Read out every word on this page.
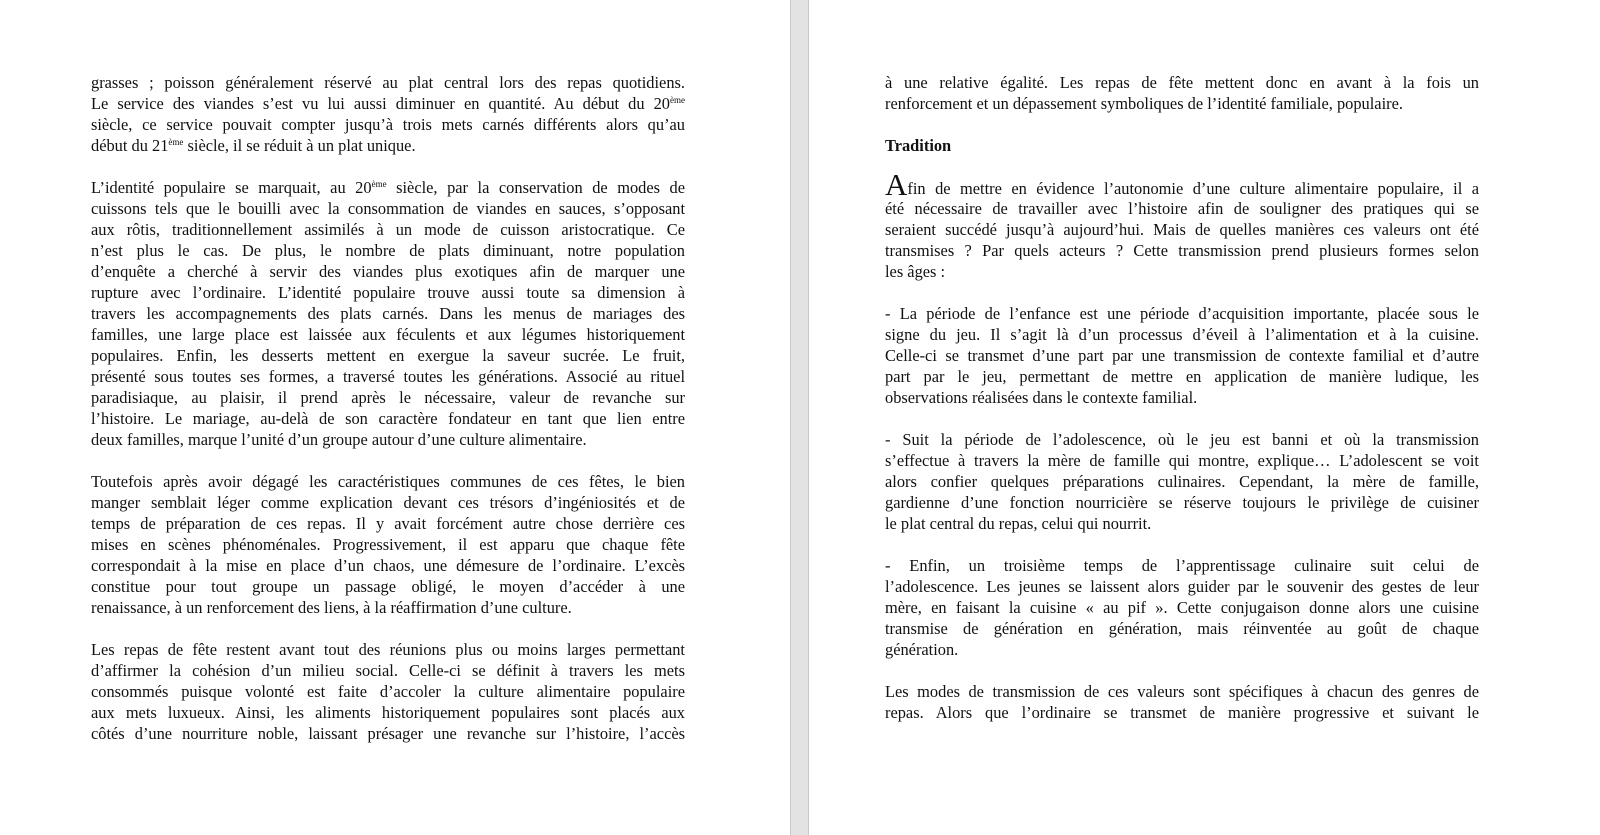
grasses ; poisson généralement réservé au plat central lors des repas quotidiens.
Le service des viandes s’est vu lui aussi diminuer en quantité. Au début du 20ème
siècle, ce service pouvait compter jusqu’à trois mets carnés différents alors qu’au
début du 21ème siècle, il se réduit à un plat unique.
L’identité populaire se marquait, au 20ème siècle, par la conservation de modes de
cuissons tels que le bouilli avec la consommation de viandes en sauces, s’opposant
aux rôtis, traditionnellement assimilés à un mode de cuisson aristocratique. Ce
n’est plus le cas. De plus, le nombre de plats diminuant, notre population
d’enquête a cherché à servir des viandes plus exotiques afin de marquer une
rupture avec l’ordinaire. L’identité populaire trouve aussi toute sa dimension à
travers les accompagnements des plats carnés. Dans les menus de mariages des
familles, une large place est laissée aux féculents et aux légumes historiquement
populaires. Enfin, les desserts mettent en exergue la saveur sucrée. Le fruit,
présenté sous toutes ses formes, a traversé toutes les générations. Associé au rituel
paradisiaque, au plaisir, il prend après le nécessaire, valeur de revanche sur
l’histoire. Le mariage, au-delà de son caractère fondateur en tant que lien entre
deux familles, marque l’unité d’un groupe autour d’une culture alimentaire.
Toutefois après avoir dégagé les caractéristiques communes de ces fêtes, le bien
manger semblait léger comme explication devant ces trésors d’ingéniosités et de
temps de préparation de ces repas. Il y avait forcément autre chose derrière ces
mises en scènes phénoménales. Progressivement, il est apparu que chaque fête
correspondait à la mise en place d’un chaos, une démesure de l’ordinaire. L’excès
constitue pour tout groupe un passage obligé, le moyen d’accéder à une
renaissance, à un renforcement des liens, à la réaffirmation d’une culture.
Les repas de fête restent avant tout des réunions plus ou moins larges permettant
d’affirmer la cohésion d’un milieu social. Celle-ci se définit à travers les mets
consommés puisque volonté est faite d’accoler la culture alimentaire populaire
aux mets luxueux. Ainsi, les aliments historiquement populaires sont placés aux
côtés d’une nourriture noble, laissant présager une revanche sur l’histoire, l’accès
à une relative égalité. Les repas de fête mettent donc en avant à la fois un
renforcement et un dépassement symboliques de l’identité familiale, populaire.
Tradition
Afin de mettre en évidence l’autonomie d’une culture alimentaire populaire, il a
été nécessaire de travailler avec l’histoire afin de souligner des pratiques qui se
seraient succédé jusqu’à aujourd’hui. Mais de quelles manières ces valeurs ont été
transmises ? Par quels acteurs ? Cette transmission prend plusieurs formes selon
les âges :
- La période de l’enfance est une période d’acquisition importante, placée sous le
signe du jeu. Il s’agit là d’un processus d’éveil à l’alimentation et à la cuisine.
Celle-ci se transmet d’une part par une transmission de contexte familial et d’autre
part par le jeu, permettant de mettre en application de manière ludique, les
observations réalisées dans le contexte familial.
- Suit la période de l’adolescence, où le jeu est banni et où la transmission
s’effectue à travers la mère de famille qui montre, explique… L’adolescent se voit
alors confier quelques préparations culinaires. Cependant, la mère de famille,
gardienne d’une fonction nourricière se réserve toujours le privilège de cuisiner
le plat central du repas, celui qui nourrit.
- Enfin, un troisième temps de l’apprentissage culinaire suit celui de
l’adolescence. Les jeunes se laissent alors guider par le souvenir des gestes de leur
mère, en faisant la cuisine « au pif ». Cette conjugaison donne alors une cuisine
transmise de génération en génération, mais réinventée au goût de chaque
génération.
Les modes de transmission de ces valeurs sont spécifiques à chacun des genres de
repas. Alors que l’ordinaire se transmet de manière progressive et suivant le
